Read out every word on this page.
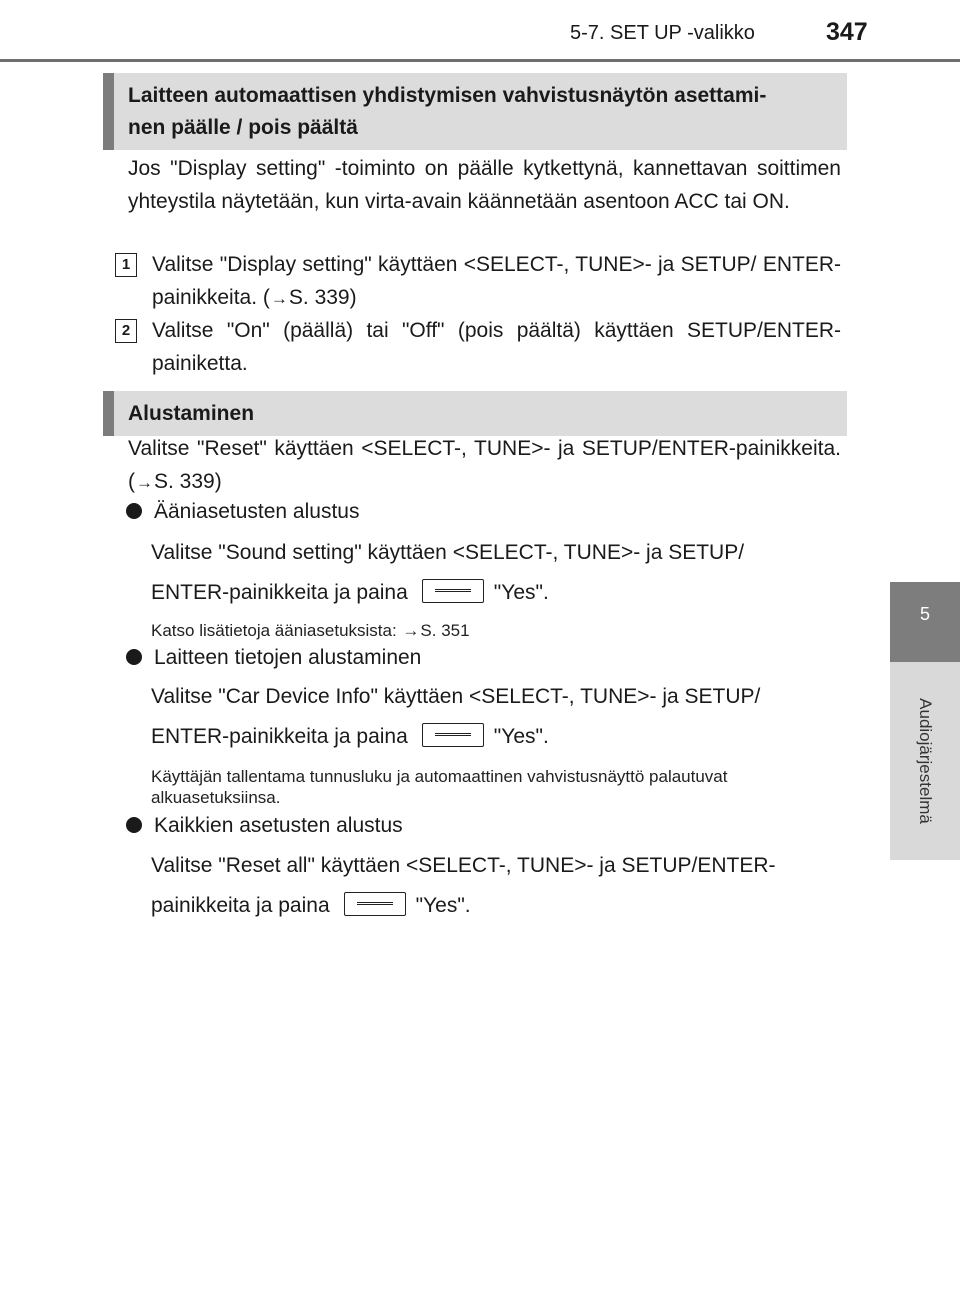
5-7. SET UP -valikko	347
5
Audiojärjestelmä
Laitteen automaattisen yhdistymisen vahvistusnäytön asettami-
nen päälle / pois päältä
Jos "Display setting" -toiminto on päälle kytkettynä, kannettavan soittimen yhteystila näytetään, kun virta-avain käännetään asentoon ACC tai ON.
1	Valitse "Display setting" käyttäen <SELECT-, TUNE>- ja SETUP/ ENTER-painikkeita. (→S. 339)
2	Valitse "On" (päällä) tai "Off" (pois päältä) käyttäen SETUP/ENTER-painiketta.
Alustaminen
Valitse "Reset" käyttäen <SELECT-, TUNE>- ja SETUP/ENTER-painikkeita. (→S. 339)
Ääniasetusten alustus
Valitse "Sound setting" käyttäen <SELECT-, TUNE>- ja SETUP/
ENTER-painikkeita ja paina	"Yes".
Katso lisätietoja ääniasetuksista: →S. 351
Laitteen tietojen alustaminen
Valitse "Car Device Info" käyttäen <SELECT-, TUNE>- ja SETUP/
ENTER-painikkeita ja paina	"Yes".
Käyttäjän tallentama tunnusluku ja automaattinen vahvistusnäyttö palautuvat alkuasetuksiinsa.
Kaikkien asetusten alustus
Valitse "Reset all" käyttäen <SELECT-, TUNE>- ja SETUP/ENTER-
painikkeita ja paina	"Yes".
